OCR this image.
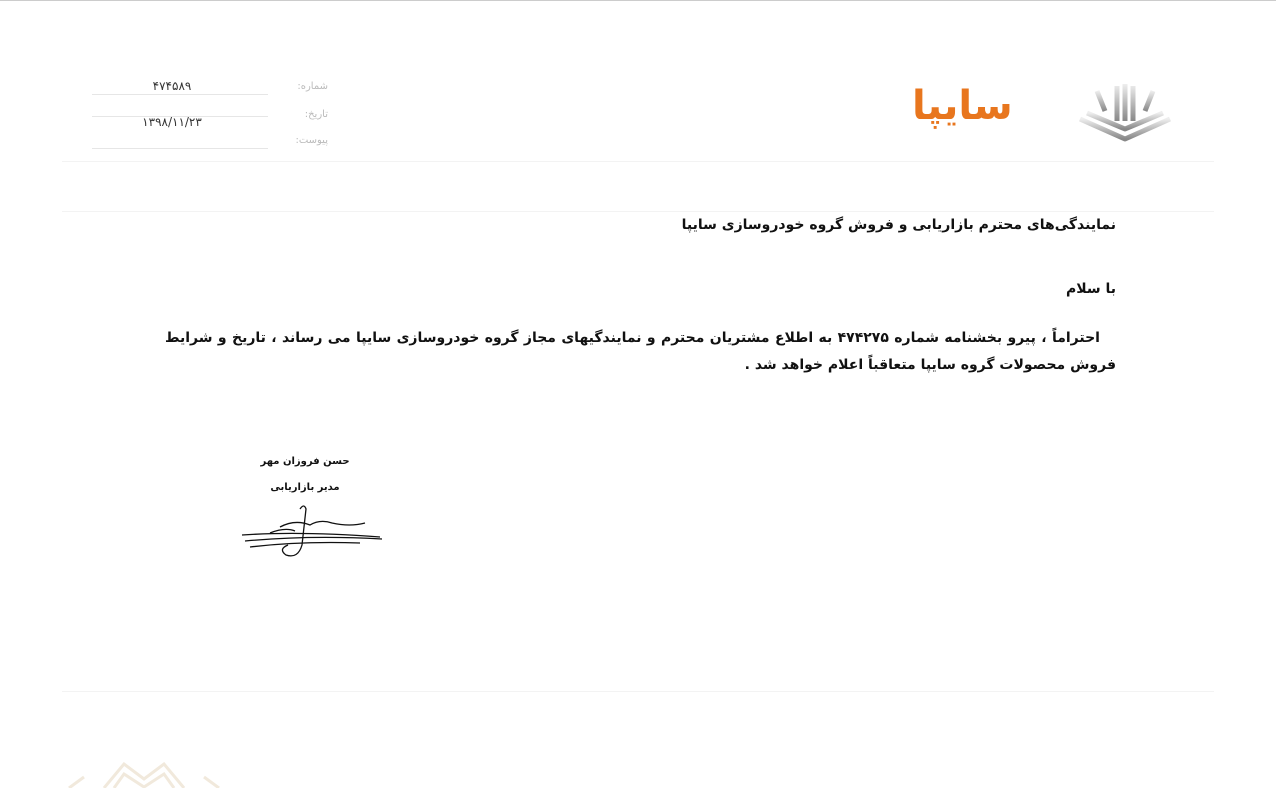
شماره:
۴۷۴۵۸۹
تاریخ:
۱۳۹۸/۱۱/۲۳
پیوست:
سایپا
نمایندگی‌های محترم بازاریابی و فروش گروه خودروسازی سایپا
با سلام
احتراماً ، پیرو بخشنامه شماره ۴۷۴۲۷۵ به اطلاع مشتریان محترم و نمایندگیهای مجاز گروه خودروسازی سایپا می رساند ، تاریخ و شرایط فروش محصولات گروه سایپا متعاقباً اعلام خواهد شد .
حسن فروزان مهر
مدیر بازاریابی
